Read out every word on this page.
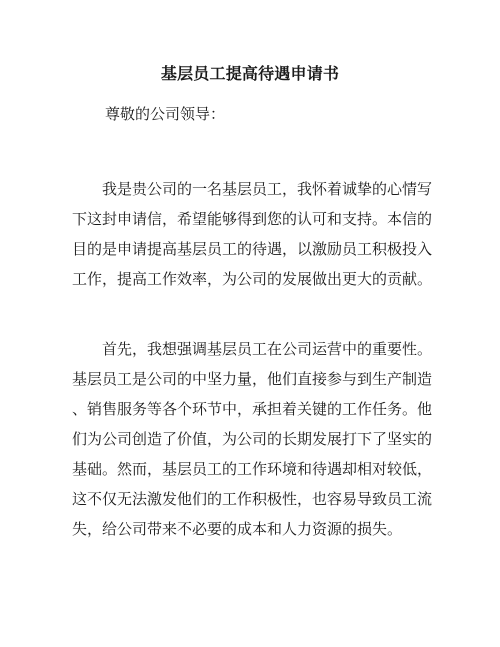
基层员工提高待遇申请书
尊敬的公司领导：
　　我是贵公司的一名基层员工，我怀着诚挚的心情写
下这封申请信，希望能够得到您的认可和支持。本信的
目的是申请提高基层员工的待遇，以激励员工积极投入
工作，提高工作效率，为公司的发展做出更大的贡献。
　　首先，我想强调基层员工在公司运营中的重要性。
基层员工是公司的中坚力量，他们直接参与到生产制造
、销售服务等各个环节中，承担着关键的工作任务。他
们为公司创造了价值，为公司的长期发展打下了坚实的
基础。然而，基层员工的工作环境和待遇却相对较低，
这不仅无法激发他们的工作积极性，也容易导致员工流
失，给公司带来不必要的成本和人力资源的损失。
